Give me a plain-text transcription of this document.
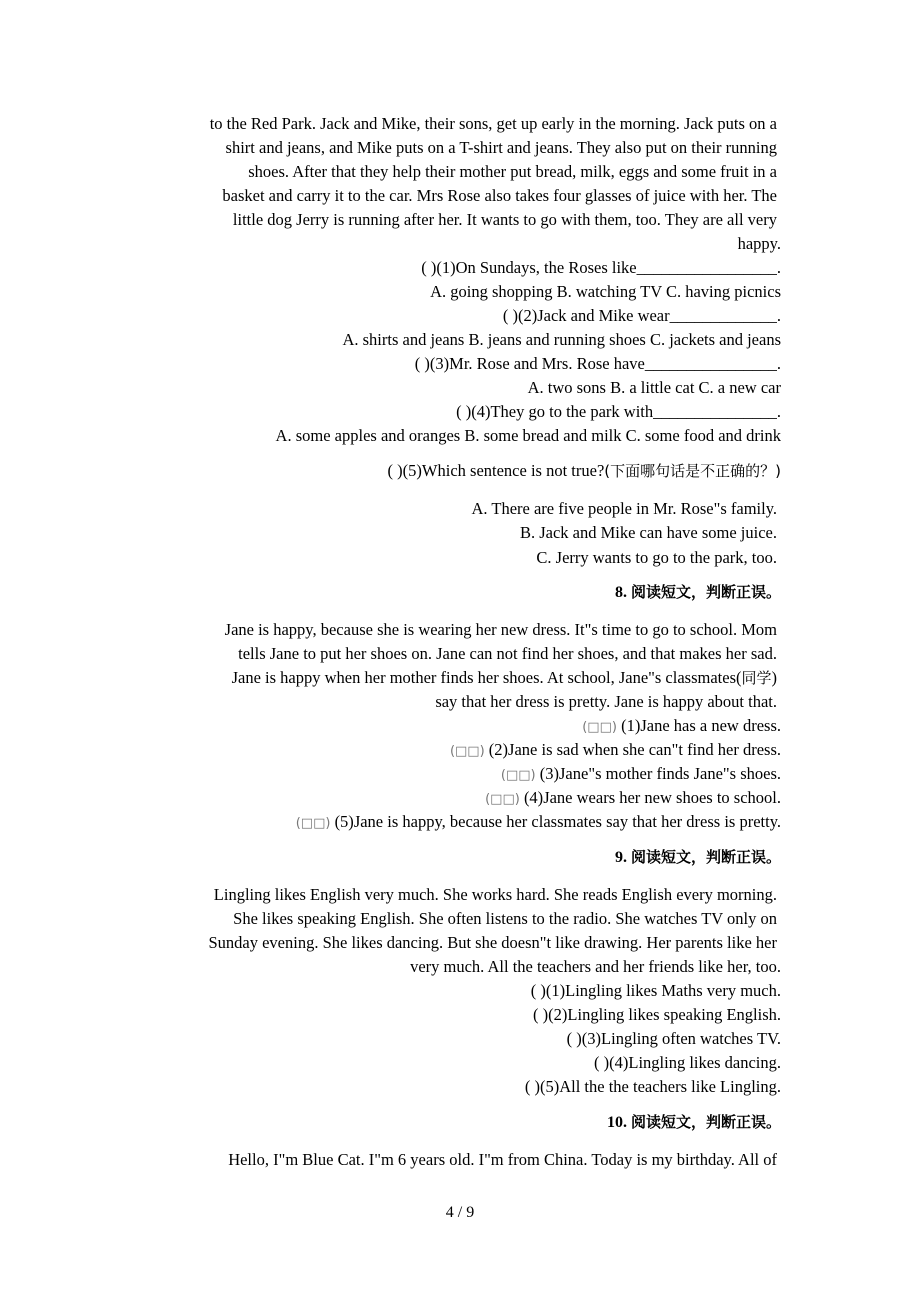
to the Red Park. Jack and Mike, their sons, get up early in the morning. Jack puts on a
shirt and jeans, and Mike puts on a T-shirt and jeans. They also put on their running
shoes. After that they help their mother put bread, milk, eggs and some fruit in a
basket and carry it to the car. Mrs Rose also takes four glasses of juice with her. The
little dog Jerry is running after her. It wants to go with them, too. They are all very
happy.
( )(1)On Sundays, the Roses like_________________.
A. going shopping B. watching TV C. having picnics
( )(2)Jack and Mike wear_____________.
A. shirts and jeans B. jeans and running shoes C. jackets and jeans
( )(3)Mr. Rose and Mrs. Rose have________________.
A. two sons B. a little cat C. a new car
( )(4)They go to the park with_______________.
A. some apples and oranges B. some bread and milk C. some food and drink
( )(5)Which sentence is not true?(下面哪句话是不正确的？)
A. There are five people in Mr. Rose"s family.
B. Jack and Mike can have some juice.
C. Jerry wants to go to the park, too.
8. 阅读短文，判断正误。
Jane is happy, because she is wearing her new dress. It"s time to go to school. Mom
tells Jane to put her shoes on. Jane can not find her shoes, and that makes her sad.
Jane is happy when her mother finds her shoes. At school, Jane"s classmates(同学)
say that her dress is pretty. Jane is happy about that.
(□□) (1)Jane has a new dress.
(□□) (2)Jane is sad when she can"t find her dress.
(□□) (3)Jane"s mother finds Jane"s shoes.
(□□) (4)Jane wears her new shoes to school.
(□□) (5)Jane is happy, because her classmates say that her dress is pretty.
9. 阅读短文，判断正误。
Lingling likes English very much. She works hard. She reads English every morning.
She likes speaking English. She often listens to the radio. She watches TV only on
Sunday evening. She likes dancing. But she doesn"t like drawing. Her parents like her
very much. All the teachers and her friends like her, too.
( )(1)Lingling likes Maths very much.
( )(2)Lingling likes speaking English.
( )(3)Lingling often watches TV.
( )(4)Lingling likes dancing.
( )(5)All the the teachers like Lingling.
10. 阅读短文，判断正误。
Hello, I"m Blue Cat. I"m 6 years old. I"m from China. Today is my birthday. All of
4 / 9
